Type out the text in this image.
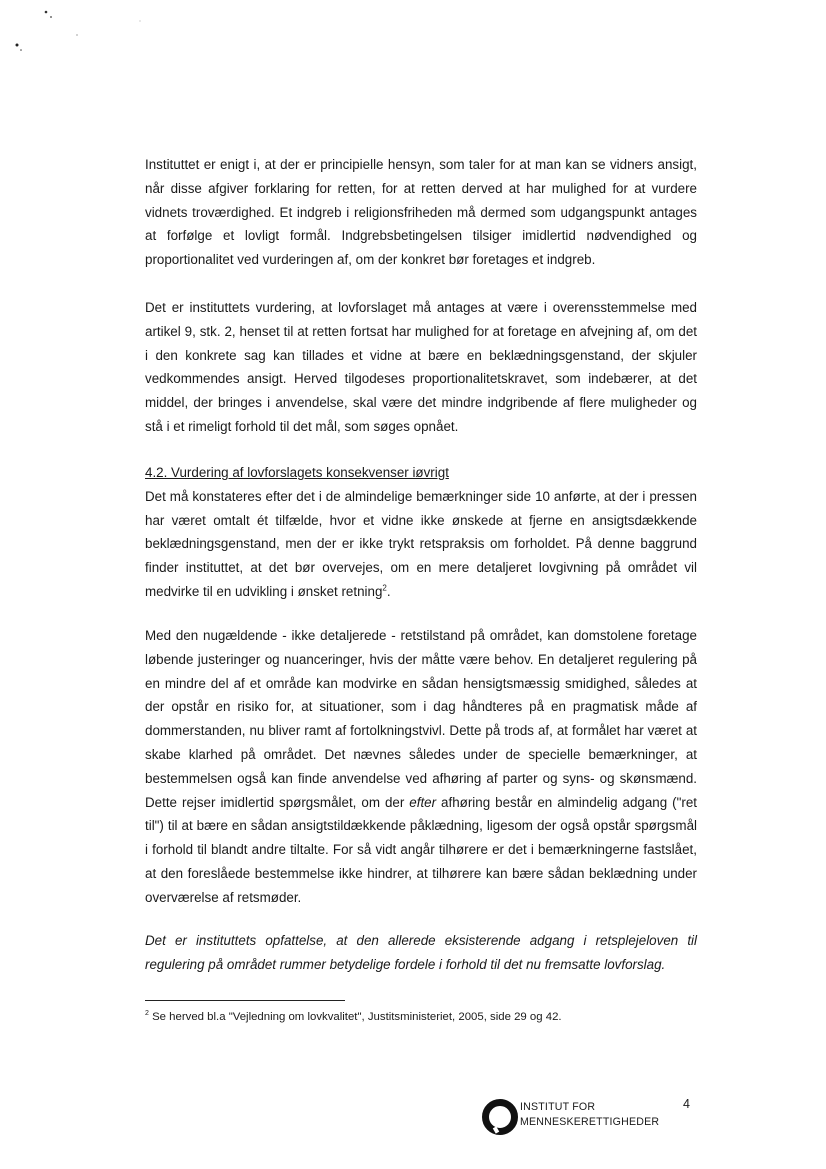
Instituttet er enigt i, at der er principielle hensyn, som taler for at man kan se vidners ansigt, når disse afgiver forklaring for retten, for at retten derved at har mulighed for at vurdere vidnets troværdighed. Et indgreb i religionsfriheden må dermed som udgangspunkt antages at forfølge et lovligt formål. Indgrebsbetingelsen tilsiger imidlertid nødvendighed og proportionalitet ved vurderingen af, om der konkret bør foretages et indgreb.

Det er instituttets vurdering, at lovforslaget må antages at være i overensstemmelse med artikel 9, stk. 2, henset til at retten fortsat har mulighed for at foretage en afvejning af, om det i den konkrete sag kan tillades et vidne at bære en beklædningsgenstand, der skjuler vedkommendes ansigt. Herved tilgodeses proportionalitetskravet, som indebærer, at det middel, der bringes i anvendelse, skal være det mindre indgribende af flere muligheder og stå i et rimeligt forhold til det mål, som søges opnået.

4.2. Vurdering af lovforslagets konsekvenser iøvrigt

Det må konstateres efter det i de almindelige bemærkninger side 10 anførte, at der i pressen har været omtalt ét tilfælde, hvor et vidne ikke ønskede at fjerne en ansigtsdækkende beklædningsgenstand, men der er ikke trykt retspraksis om forholdet. På denne baggrund finder instituttet, at det bør overvejes, om en mere detaljeret lovgivning på området vil medvirke til en udvikling i ønsket retning$^2$.

Med den nugældende - ikke detaljerede - retstilstand på området, kan domstolene foretage løbende justeringer og nuanceringer, hvis der måtte være behov. En detaljeret regulering på en mindre del af et område kan modvirke en sådan hensigtsmæssig smidighed, således at der opstår en risiko for, at situationer, som i dag håndteres på en pragmatisk måde af dommerstanden, nu bliver ramt af fortolkningstvivl. Dette på trods af, at formålet har været at skabe klarhed på området. Det nævnes således under de specielle bemærkninger, at bestemmelsen også kan finde anvendelse ved afhøring af parter og syns- og skønsmænd. Dette rejser imidlertid spørgsmålet, om der efter afhøring består en almindelig adgang ("ret til") til at bære en sådan ansigtstildækkende påklædning, ligesom der også opstår spørgsmål i forhold til blandt andre tiltalte. For så vidt angår tilhørere er det i bemærkningerne fastslået, at den foreslåede bestemmelse ikke hindrer, at tilhørere kan bære sådan beklædning under overværelse af retsmøder.

Det er instituttets opfattelse, at den allerede eksisterende adgang i retsplejeloven til regulering på området rummer betydelige fordele i forhold til det nu fremsatte lovforslag.

$^2$ Se herved bl.a "Vejledning om lovkvalitet", Justitsministeriet, 2005, side 29 og 42.
INSTITUT FOR
MENNESKERETTIGHEDER
4
